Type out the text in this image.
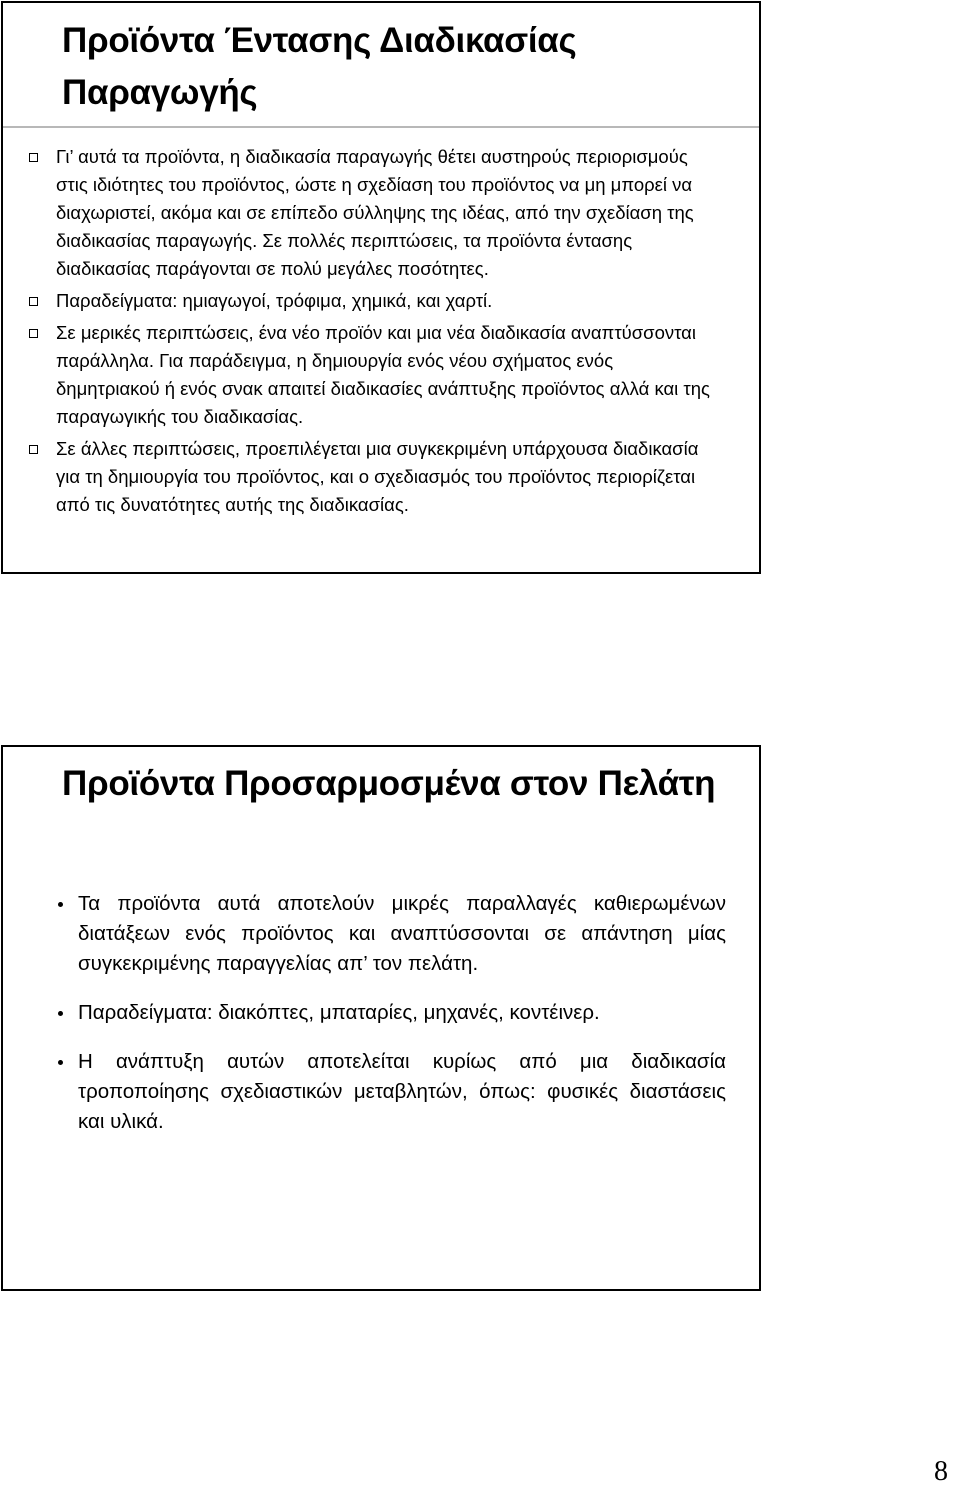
Προϊόντα Έντασης Διαδικασίας Παραγωγής
Γι’ αυτά τα προϊόντα, η διαδικασία παραγωγής θέτει αυστηρούς περιορισμούς στις ιδιότητες του προϊόντος, ώστε η σχεδίαση του προϊόντος να μη μπορεί να διαχωριστεί, ακόμα και σε επίπεδο σύλληψης της ιδέας, από την σχεδίαση της διαδικασίας παραγωγής. Σε πολλές περιπτώσεις, τα προϊόντα έντασης διαδικασίας παράγονται σε πολύ μεγάλες ποσότητες.
Παραδείγματα: ημιαγωγοί, τρόφιμα, χημικά, και χαρτί.
Σε μερικές περιπτώσεις, ένα νέο προϊόν και μια νέα διαδικασία αναπτύσσονται παράλληλα. Για παράδειγμα, η δημιουργία ενός νέου σχήματος ενός δημητριακού ή ενός σνακ απαιτεί διαδικασίες ανάπτυξης προϊόντος αλλά και της παραγωγικής του διαδικασίας.
Σε άλλες περιπτώσεις, προεπιλέγεται μια συγκεκριμένη υπάρχουσα διαδικασία για τη δημιουργία του προϊόντος, και ο σχεδιασμός του προϊόντος περιορίζεται από τις δυνατότητες αυτής της διαδικασίας.
Προϊόντα Προσαρμοσμένα στον Πελάτη
Τα προϊόντα αυτά αποτελούν μικρές παραλλαγές καθιερωμένων διατάξεων ενός προϊόντος και αναπτύσσονται σε απάντηση μίας συγκεκριμένης παραγγελίας απ’ τον πελάτη.
Παραδείγματα: διακόπτες, μπαταρίες, μηχανές, κοντέινερ.
Η ανάπτυξη αυτών αποτελείται κυρίως από μια διαδικασία τροποποίησης σχεδιαστικών μεταβλητών, όπως: φυσικές διαστάσεις και υλικά.
8
